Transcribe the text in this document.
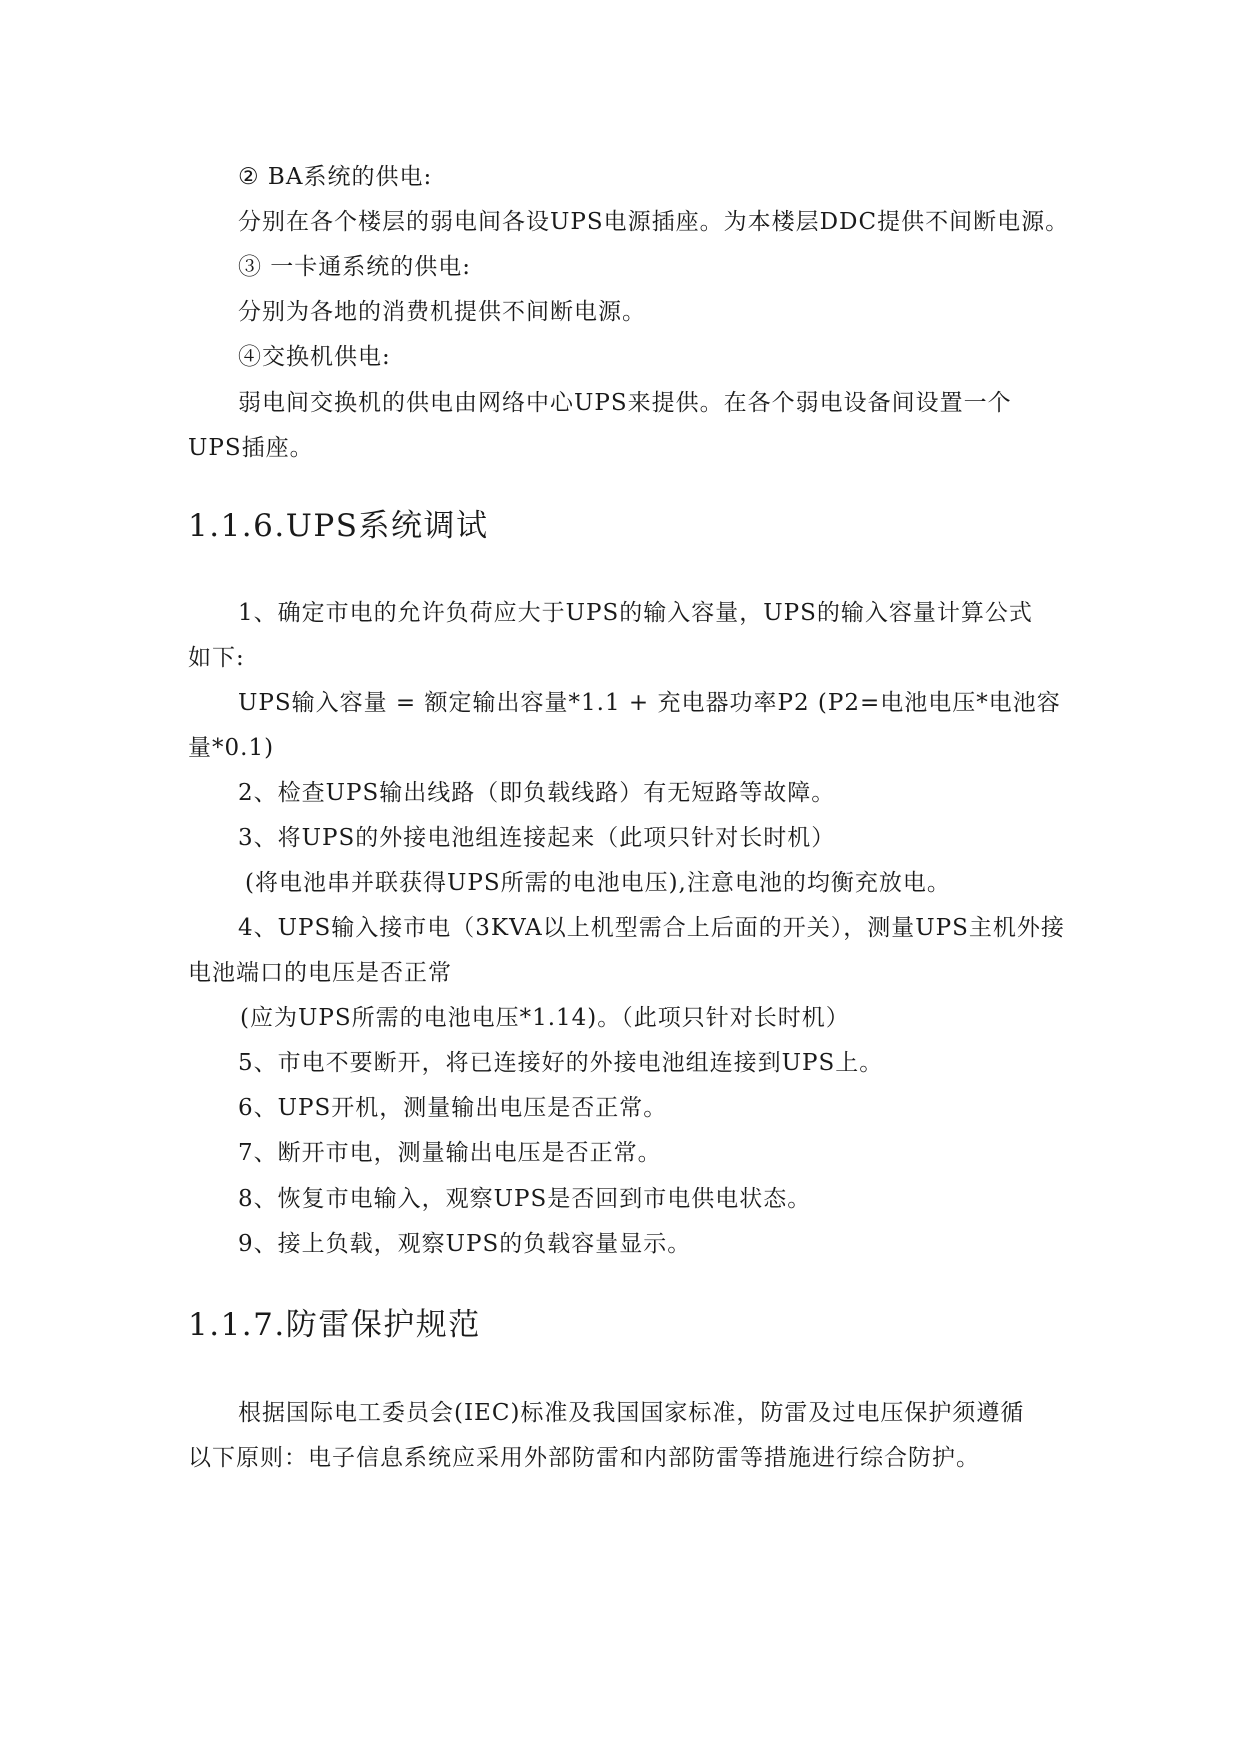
② BA系统的供电:
分别在各个楼层的弱电间各设UPS电源插座。为本楼层DDC提供不间断电源。
③ 一卡通系统的供电:
分别为各地的消费机提供不间断电源。
④交换机供电:
弱电间交换机的供电由网络中心UPS来提供。在各个弱电设备间设置一个
UPS插座。
1.1.6.UPS系统调试
1、确定市电的允许负荷应大于UPS的输入容量，UPS的输入容量计算公式
如下:
UPS输入容量 = 额定输出容量*1.1 + 充电器功率P2 (P2=电池电压*电池容
量*0.1)
2、检查UPS输出线路（即负载线路）有无短路等故障。
3、将UPS的外接电池组连接起来（此项只针对长时机）
(将电池串并联获得UPS所需的电池电压),注意电池的均衡充放电。
4、UPS输入接市电（3KVA以上机型需合上后面的开关），测量UPS主机外接
电池端口的电压是否正常
(应为UPS所需的电池电压*1.14)。（此项只针对长时机）
5、市电不要断开，将已连接好的外接电池组连接到UPS上。
6、UPS开机，测量输出电压是否正常。
7、断开市电，测量输出电压是否正常。
8、恢复市电输入，观察UPS是否回到市电供电状态。
9、接上负载，观察UPS的负载容量显示。
1.1.7.防雷保护规范
根据国际电工委员会(IEC)标准及我国国家标准，防雷及过电压保护须遵循
以下原则：电子信息系统应采用外部防雷和内部防雷等措施进行综合防护。
